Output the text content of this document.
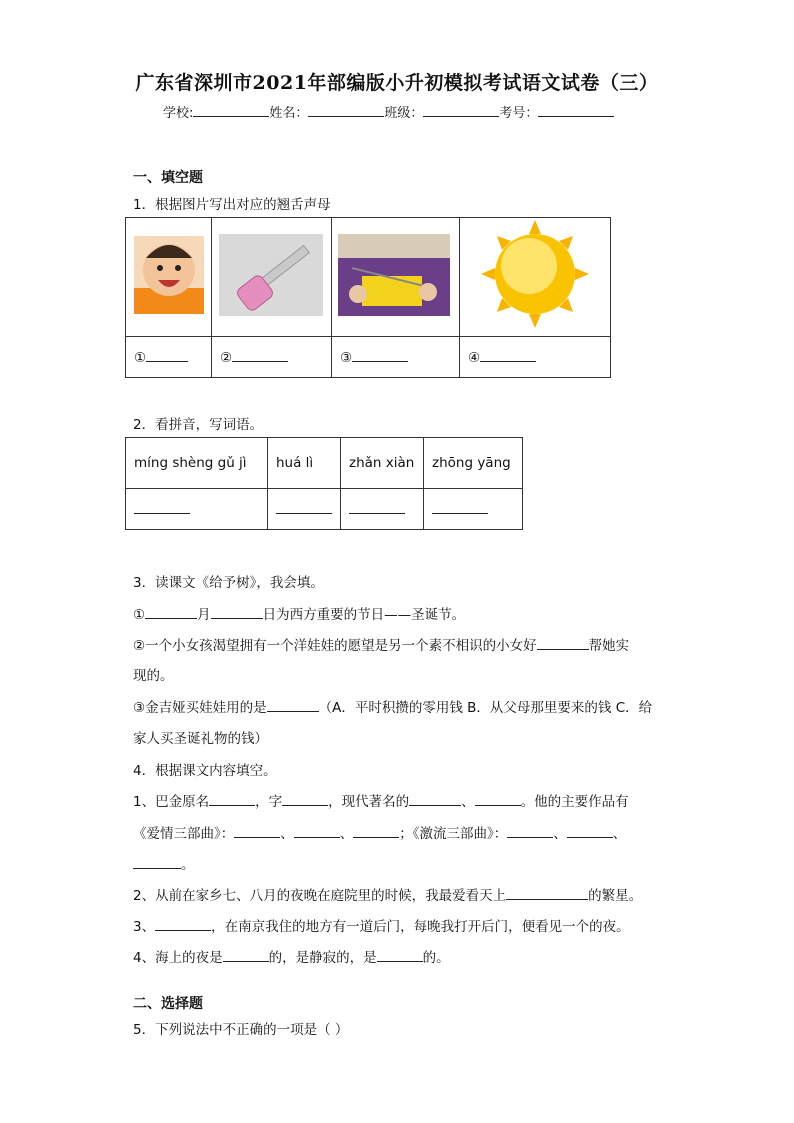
广东省深圳市2021年部编版小升初模拟考试语文试卷（三）
学校:	姓名：	班级：	考号：
一、填空题
1．根据图片写出对应的翘舌声母

①	②	③	④
2．看拼音，写词语。
míng shèng gǔ jì	huá lì	zhǎn xiàn	zhōng yāng

3．读课文《给予树》，我会填。
①	月	日为西方重要的节日——圣诞节。
②一个小女孩渴望拥有一个洋娃娃的愿望是另一个素不相识的小女好	帮她实
现的。
③金吉娅买娃娃用的是	（A．平时积攒的零用钱 B．从父母那里要来的钱 C．给
家人买圣诞礼物的钱）
4．根据课文内容填空。
1、巴金原名	，字	，现代著名的	、	。他的主要作品有
《爱情三部曲》：	、	、	；《激流三部曲》：	、	、
。
2、从前在家乡七、八月的夜晚在庭院里的时候，我最爱看天上	的繁星。
3、	，在南京我住的地方有一道后门，每晚我打开后门，便看见一个的夜。
4、海上的夜是	的，是静寂的，是	的。
二、选择题
5．下列说法中不正确的一项是（ ）
